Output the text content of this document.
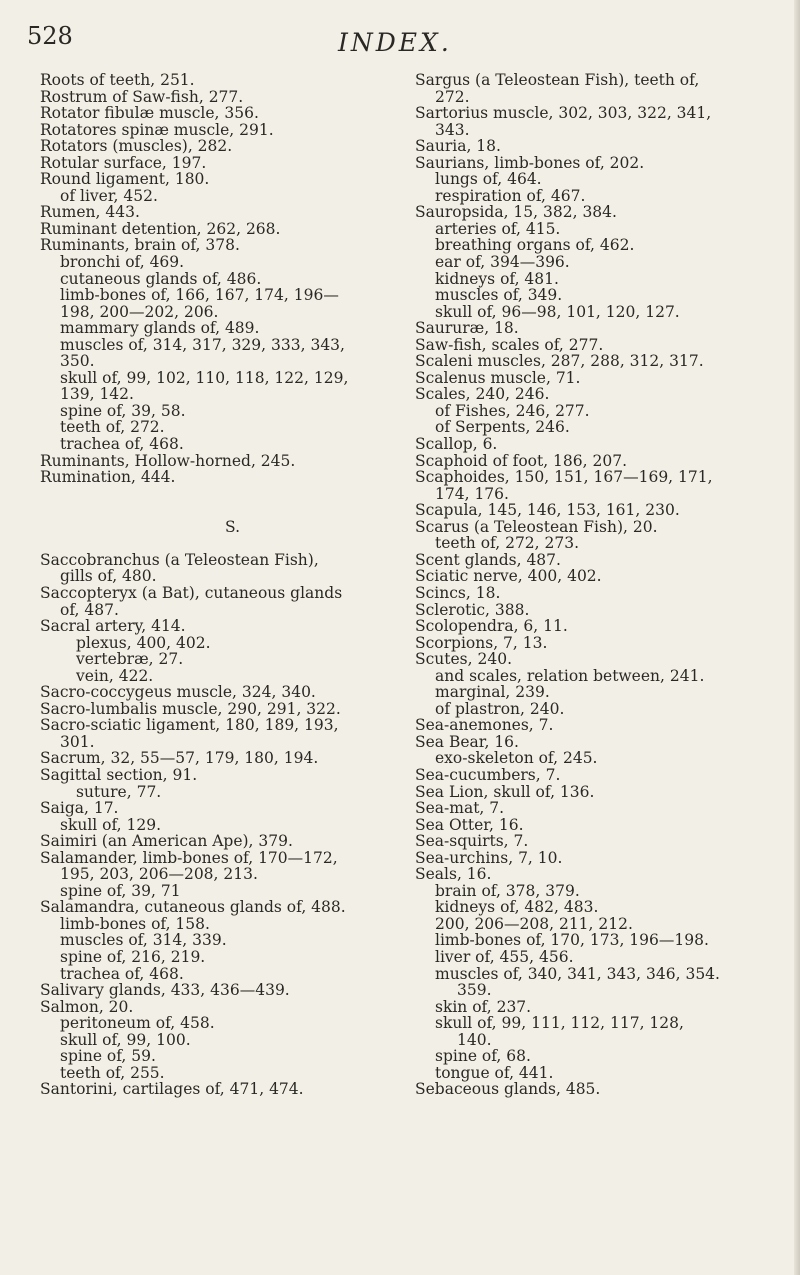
528	INDEX.
Roots of teeth, 251.
Rostrum of Saw-fish, 277.
Rotator fibulæ muscle, 356.
Rotatores spinæ muscle, 291.
Rotators (muscles), 282.
Rotular surface, 197.
Round ligament, 180.
of liver, 452.
Rumen, 443.
Ruminant detention, 262, 268.
Ruminants, brain of, 378.
bronchi of, 469.
cutaneous glands of, 486.
limb-bones of, 166, 167, 174, 196—
198, 200—202, 206.
mammary glands of, 489.
muscles of, 314, 317, 329, 333, 343,
350.
skull of, 99, 102, 110, 118, 122, 129,
139, 142.
spine of, 39, 58.
teeth of, 272.
trachea of, 468.
Ruminants, Hollow-horned, 245.
Rumination, 444.
S.
Saccobranchus (a Teleostean Fish),
gills of, 480.
Saccopteryx (a Bat), cutaneous glands
of, 487.
Sacral artery, 414.
plexus, 400, 402.
vertebræ, 27.
vein, 422.
Sacro-coccygeus muscle, 324, 340.
Sacro-lumbalis muscle, 290, 291, 322.
Sacro-sciatic ligament, 180, 189, 193,
301.
Sacrum, 32, 55—57, 179, 180, 194.
Sagittal section, 91.
suture, 77.
Saiga, 17.
skull of, 129.
Saimiri (an American Ape), 379.
Salamander, limb-bones of, 170—172,
195, 203, 206—208, 213.
spine of, 39, 71
Salamandra, cutaneous glands of, 488.
limb-bones of, 158.
muscles of, 314, 339.
spine of, 216, 219.
trachea of, 468.
Salivary glands, 433, 436—439.
Salmon, 20.
peritoneum of, 458.
skull of, 99, 100.
spine of, 59.
teeth of, 255.
Santorini, cartilages of, 471, 474.
Sargus (a Teleostean Fish), teeth of,
272.
Sartorius muscle, 302, 303, 322, 341,
343.
Sauria, 18.
Saurians, limb-bones of, 202.
lungs of, 464.
respiration of, 467.
Sauropsida, 15, 382, 384.
arteries of, 415.
breathing organs of, 462.
ear of, 394—396.
kidneys of, 481.
muscles of, 349.
skull of, 96—98, 101, 120, 127.
Saururæ, 18.
Saw-fish, scales of, 277.
Scaleni muscles, 287, 288, 312, 317.
Scalenus muscle, 71.
Scales, 240, 246.
of Fishes, 246, 277.
of Serpents, 246.
Scallop, 6.
Scaphoid of foot, 186, 207.
Scaphoides, 150, 151, 167—169, 171,
174, 176.
Scapula, 145, 146, 153, 161, 230.
Scarus (a Teleostean Fish), 20.
teeth of, 272, 273.
Scent glands, 487.
Sciatic nerve, 400, 402.
Scincs, 18.
Sclerotic, 388.
Scolopendra, 6, 11.
Scorpions, 7, 13.
Scutes, 240.
and scales, relation between, 241.
marginal, 239.
of plastron, 240.
Sea-anemones, 7.
Sea Bear, 16.
exo-skeleton of, 245.
Sea-cucumbers, 7.
Sea Lion, skull of, 136.
Sea-mat, 7.
Sea Otter, 16.
Sea-squirts, 7.
Sea-urchins, 7, 10.
Seals, 16.
brain of, 378, 379.
kidneys of, 482, 483.
200, 206—208, 211, 212.
limb-bones of, 170, 173, 196—198.
liver of, 455, 456.
muscles of, 340, 341, 343, 346, 354.
359.
skin of, 237.
skull of, 99, 111, 112, 117, 128,
140.
spine of, 68.
tongue of, 441.
Sebaceous glands, 485.
